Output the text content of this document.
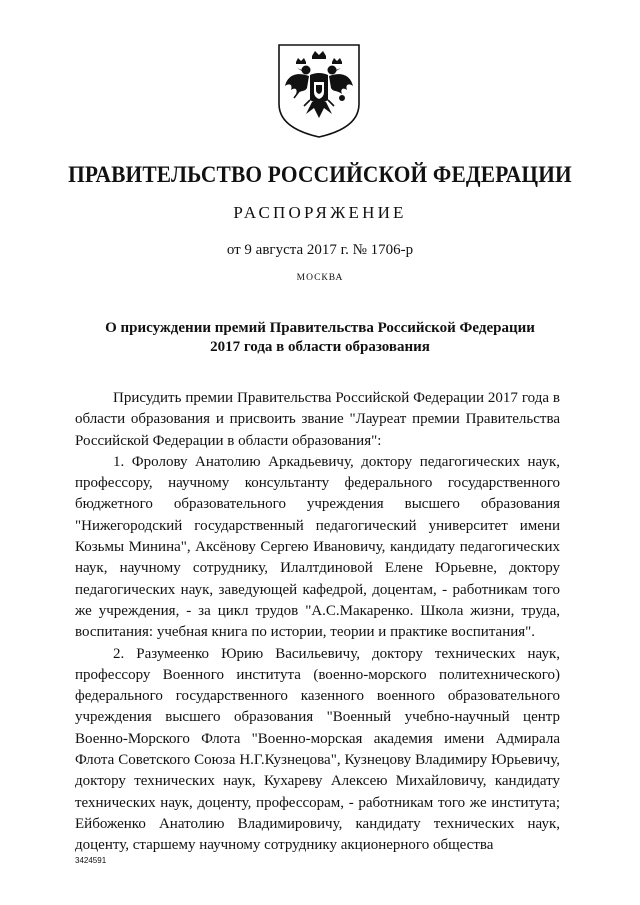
ПРАВИТЕЛЬСТВО РОССИЙСКОЙ ФЕДЕРАЦИИ
РАСПОРЯЖЕНИЕ
от 9 августа 2017 г. № 1706-р
МОСКВА
О присуждении премий Правительства Российской Федерации
2017 года в области образования

Присудить премии Правительства Российской Федерации 2017 года в области образования и присвоить звание "Лауреат премии Правительства Российской Федерации в области образования":

1. Фролову Анатолию Аркадьевичу, доктору педагогических наук, профессору, научному консультанту федерального государственного бюджетного образовательного учреждения высшего образования "Нижегородский государственный педагогический университет имени Козьмы Минина", Аксёнову Сергею Ивановичу, кандидату педагогических наук, научному сотруднику, Илалтдиновой Елене Юрьевне, доктору педагогических наук, заведующей кафедрой, доцентам, - работникам того же учреждения, - за цикл трудов "А.С.Макаренко. Школа жизни, труда, воспитания: учебная книга по истории, теории и практике воспитания".

2. Разумеенко Юрию Васильевичу, доктору технических наук, профессору Военного института (военно-морского политехнического) федерального государственного казенного военного образовательного учреждения высшего образования "Военный учебно-научный центр Военно-Морского Флота "Военно-морская академия имени Адмирала Флота Советского Союза Н.Г.Кузнецова", Кузнецову Владимиру Юрьевичу, доктору технических наук, Кухареву Алексею Михайловичу, кандидату технических наук, доценту, профессорам, - работникам того же института; Ейбоженко Анатолию Владимировичу, кандидату технических наук, доценту, старшему научному сотруднику акционерного общества

3424591
